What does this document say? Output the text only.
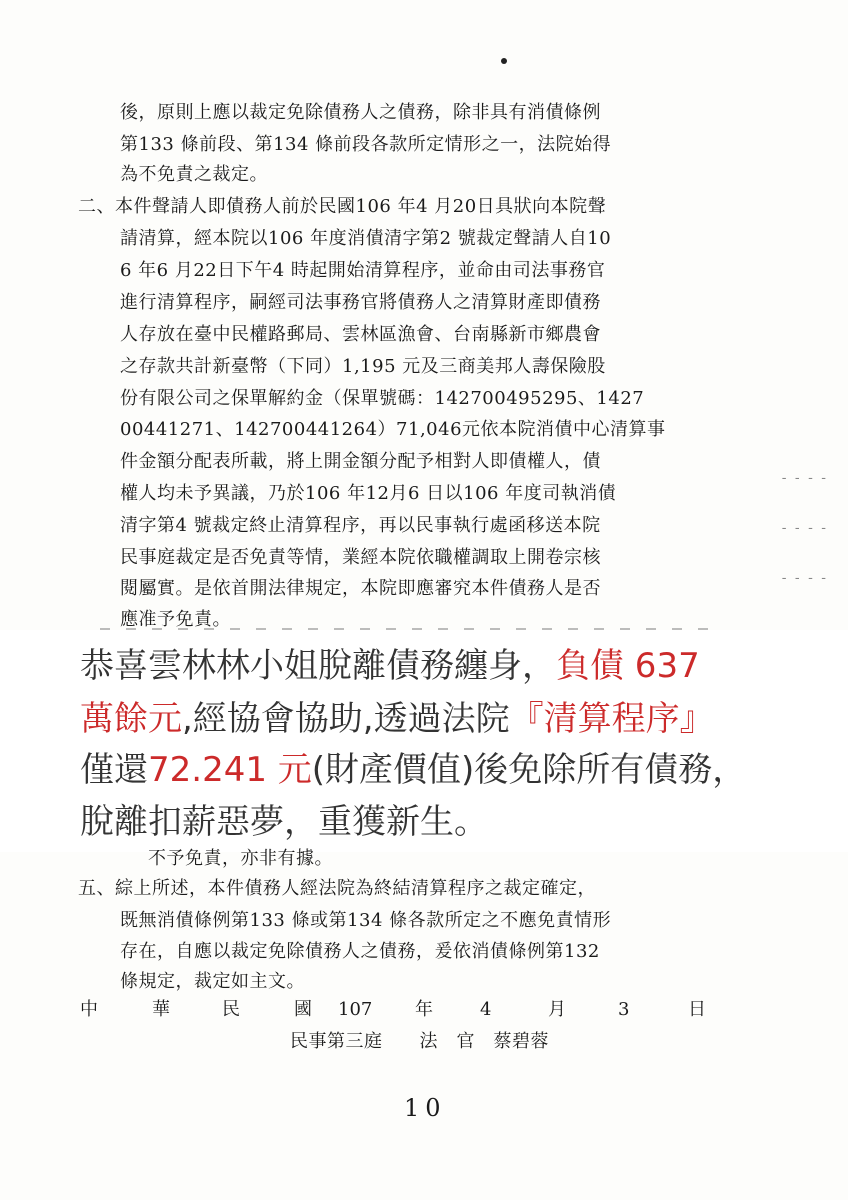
後，原則上應以裁定免除債務人之債務，除非具有消債條例
第133 條前段、第134 條前段各款所定情形之一，法院始得
為不免責之裁定。
二、本件聲請人即債務人前於民國106 年4 月20日具狀向本院聲
請清算，經本院以106 年度消債清字第2 號裁定聲請人自10
6 年6 月22日下午4 時起開始清算程序，並命由司法事務官
進行清算程序，嗣經司法事務官將債務人之清算財產即債務
人存放在臺中民權路郵局、雲林區漁會、台南縣新市鄉農會
之存款共計新臺幣（下同）1,195 元及三商美邦人壽保險股
份有限公司之保單解約金（保單號碼：142700495295、1427
00441271、142700441264）71,046元依本院消債中心清算事
件金額分配表所載，將上開金額分配予相對人即債權人，債
權人均未予異議，乃於106 年12月6 日以106 年度司執消債
清字第4 號裁定終止清算程序，再以民事執行處函移送本院
民事庭裁定是否免責等情，業經本院依職權調取上開卷宗核
閱屬實。是依首開法律規定，本院即應審究本件債務人是否
應准予免責。
- - - -
- - - -
- - - -
恭喜雲林林小姐脫離債務纏身，負債 637
萬餘元,經協會協助,透過法院『清算程序』
僅還72.241 元(財產價值)後免除所有債務，
脫離扣薪惡夢，重獲新生。
不予免責，亦非有據。
五、綜上所述，本件債務人經法院為終結清算程序之裁定確定，
既無消債條例第133 條或第134 條各款所定之不應免責情形
存在，自應以裁定免除債務人之債務，爰依消債條例第132
條規定，裁定如主文。
中	華	民	國 107 年	4	月	3	日
民事第三庭　　法　官　蔡碧蓉
10
